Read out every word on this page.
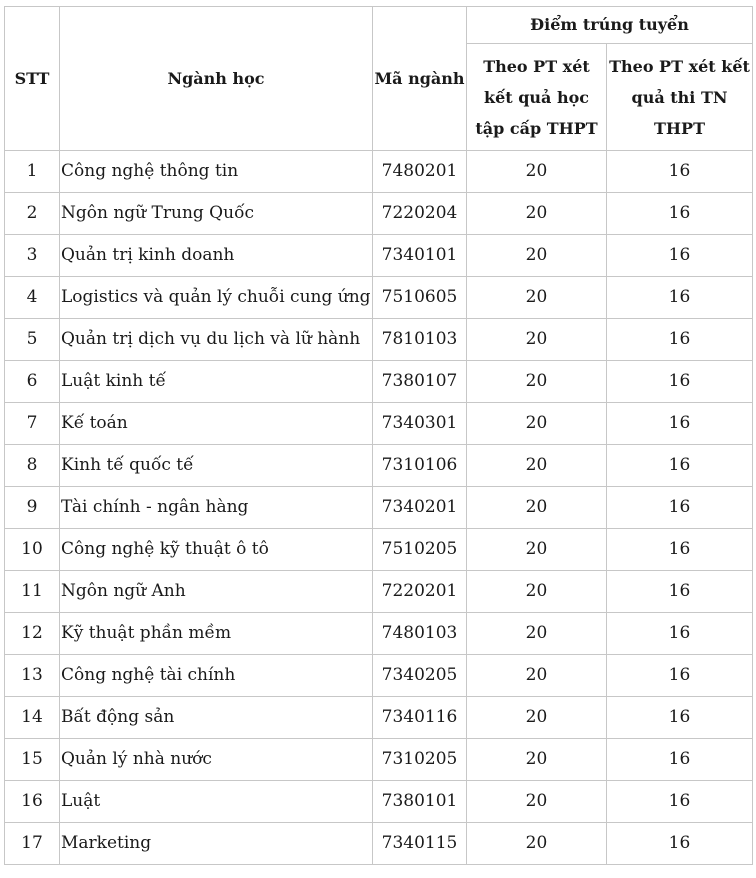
STT	Ngành học	Mã ngành	Điểm trúng tuyển	
			Theo PT xét kết quả học tập cấp THPT	Theo PT xét kết quả thi TN THPT
1	Công nghệ thông tin	7480201	20	16
2	Ngôn ngữ Trung Quốc	7220204	20	16
3	Quản trị kinh doanh	7340101	20	16
4	Logistics và quản lý chuỗi cung ứng	7510605	20	16
5	Quản trị dịch vụ du lịch và lữ hành	7810103	20	16
6	Luật kinh tế	7380107	20	16
7	Kế toán	7340301	20	16
8	Kinh tế quốc tế	7310106	20	16
9	Tài chính - ngân hàng	7340201	20	16
10	Công nghệ kỹ thuật ô tô	7510205	20	16
11	Ngôn ngữ Anh	7220201	20	16
12	Kỹ thuật phần mềm	7480103	20	16
13	Công nghệ tài chính	7340205	20	16
14	Bất động sản	7340116	20	16
15	Quản lý nhà nước	7310205	20	16
16	Luật	7380101	20	16
17	Marketing	7340115	20	16
